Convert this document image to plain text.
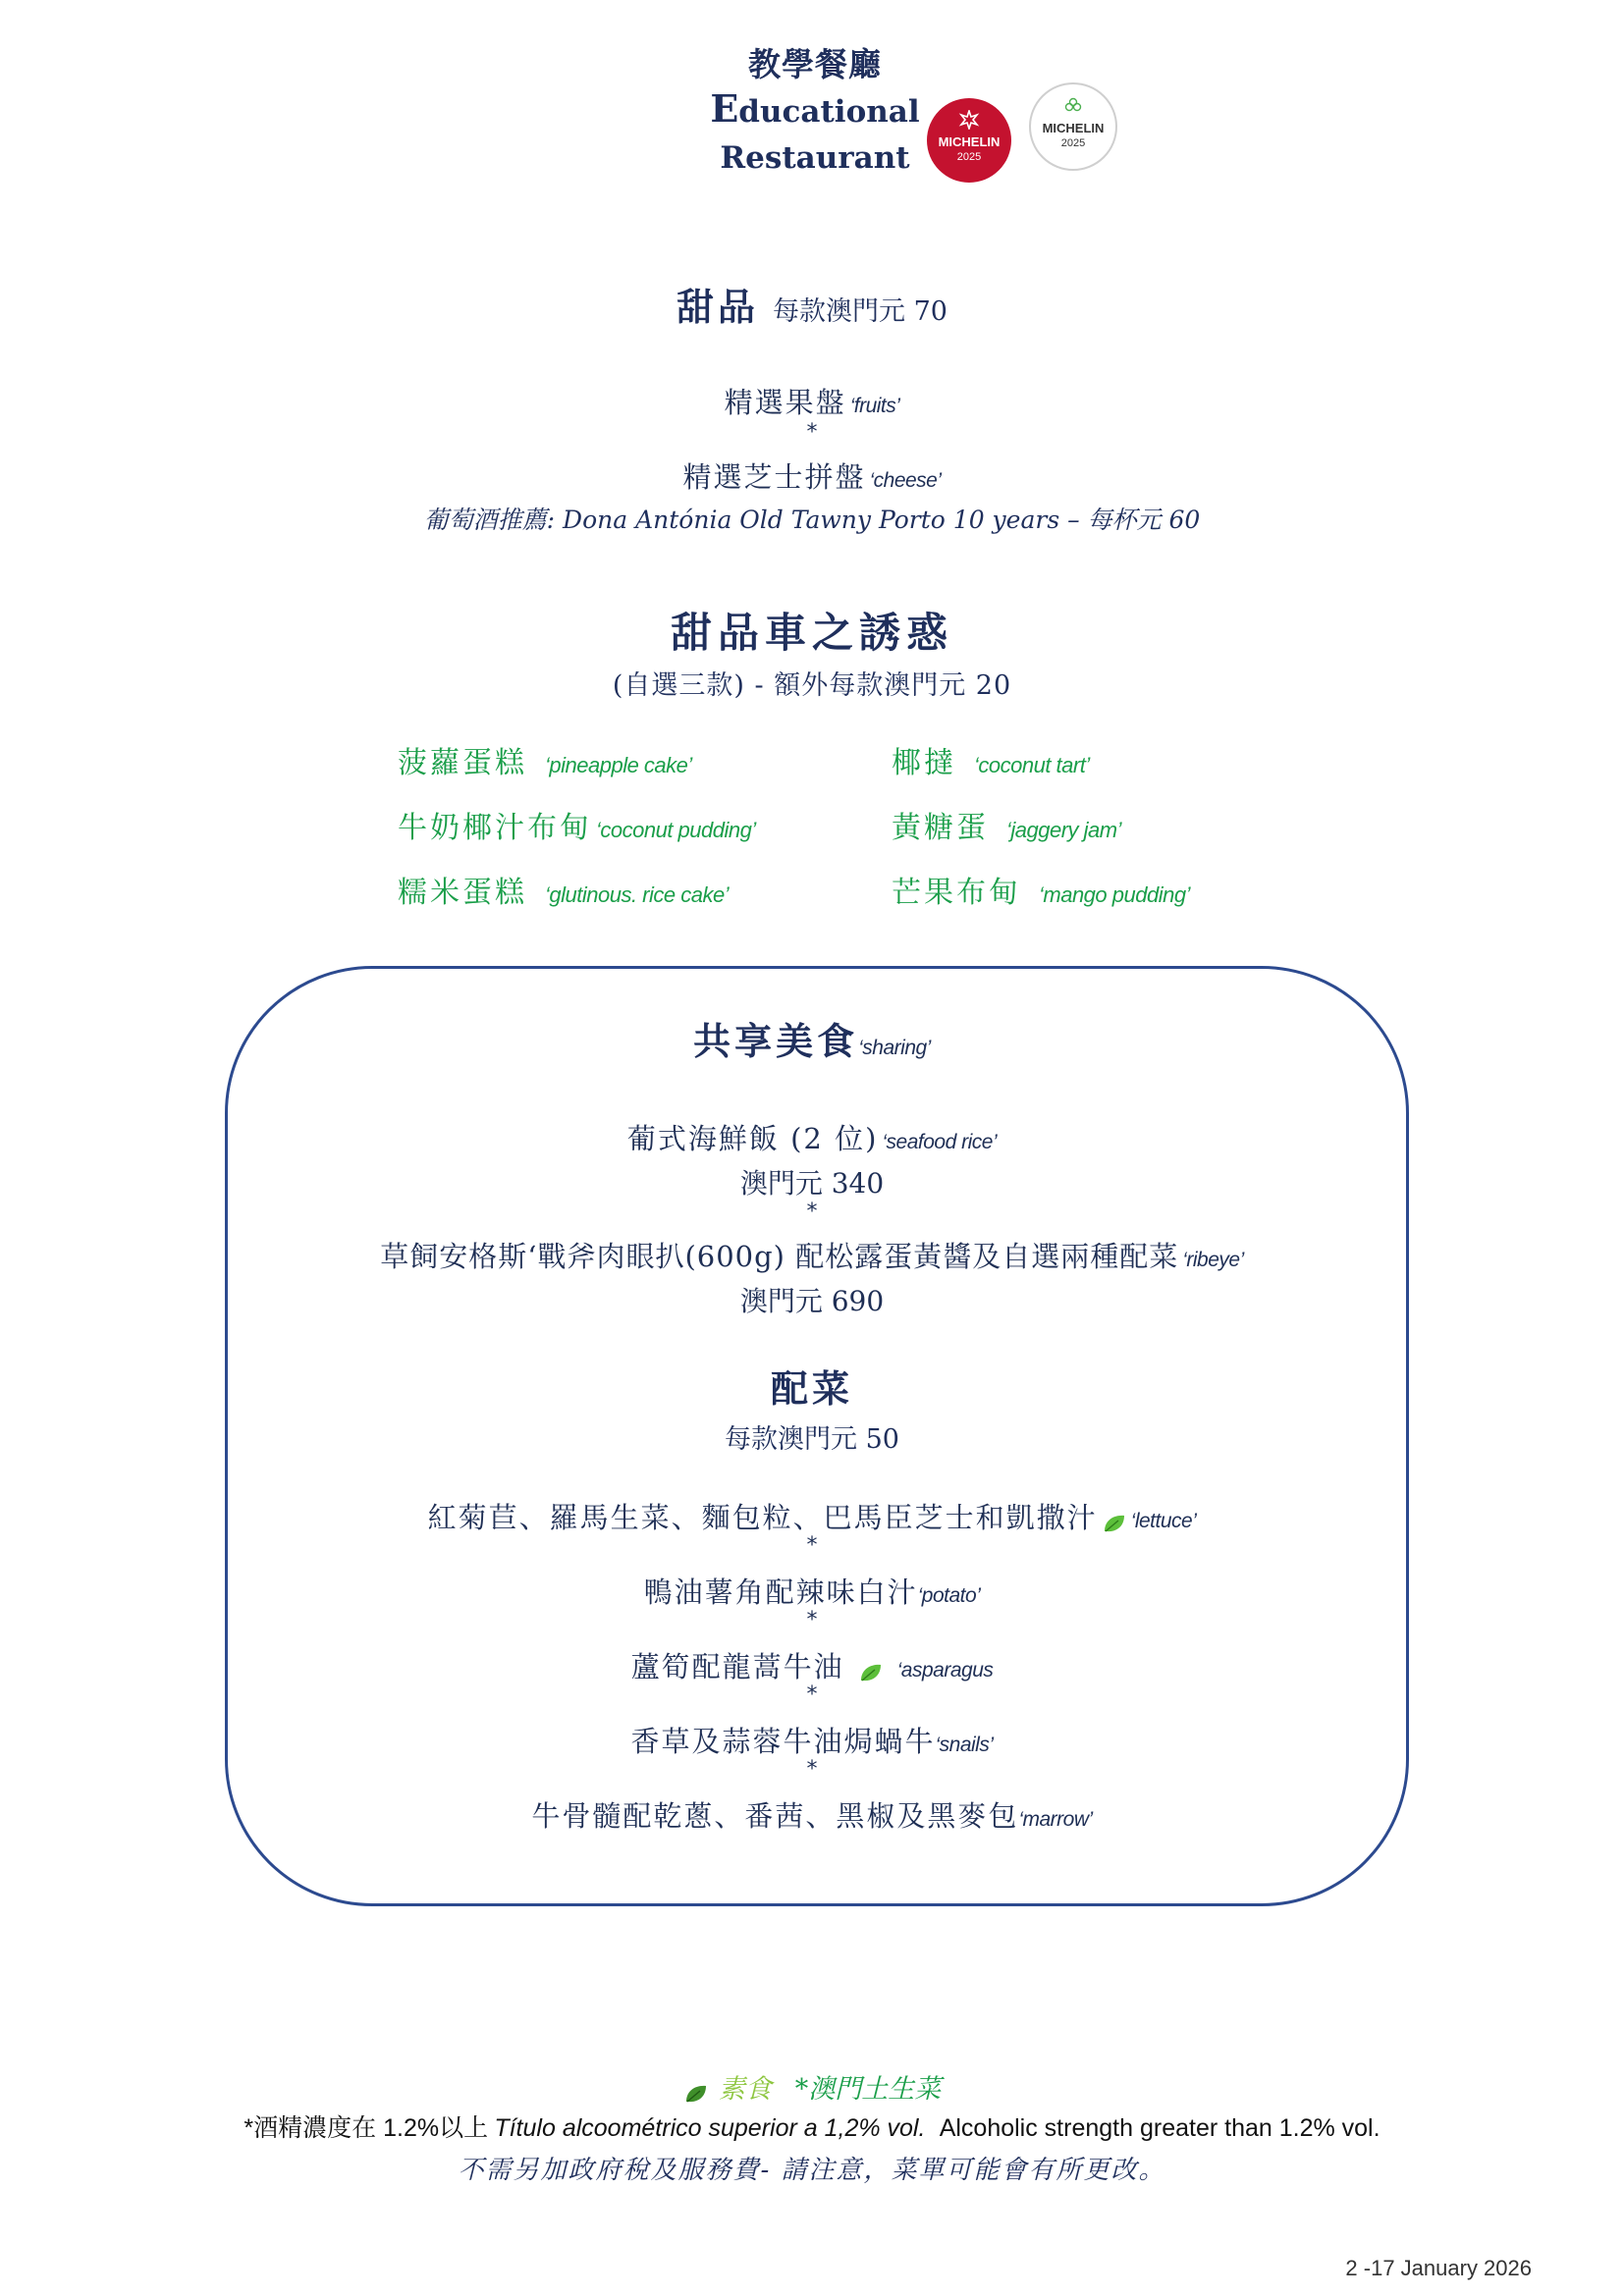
教學餐廳
Educational
Restaurant	MICHELIN
2025
MICHELIN
2025
甜品 每款澳門元 70
精選果盤 ‘fruits’
*
精選芝士拼盤 ‘cheese’
葡萄酒推薦: Dona Antónia Old Tawny Porto 10 years – 每杯元 60
甜品車之誘惑
(自選三款) - 額外每款澳門元 20
菠蘿蛋糕 ‘pineapple cake’
牛奶椰汁布甸 ‘coconut pudding’
糯米蛋糕 ‘glutinous. rice cake’
椰撻 ‘coconut tart’
黃糖蛋 ‘jaggery jam’
芒果布甸 ‘mango pudding’
共享美食‘sharing’
葡式海鮮飯 (2 位) ‘seafood rice’
澳門元 340
*
草飼安格斯‘戰斧肉眼扒(600g) 配松露蛋黃醬及自選兩種配菜 ‘ribeye’
澳門元 690
配菜
每款澳門元 50
紅菊苣、羅馬生菜、麵包粒、巴馬臣芝士和凱撒汁 ‘lettuce’
*
鴨油薯角配辣味白汁‘potato’
*
蘆筍配龍蒿牛油	‘asparagus
*
香草及蒜蓉牛油焗蝸牛‘snails’
*
牛骨髓配乾蔥、番茜、黑椒及黑麥包‘marrow’
素食 *澳門土生菜
*酒精濃度在 1.2%以上 Título alcoométrico superior a 1,2% vol. Alcoholic strength greater than 1.2% vol.
不需另加政府稅及服務費- 請注意，菜單可能會有所更改。
2 -17 January 2026
